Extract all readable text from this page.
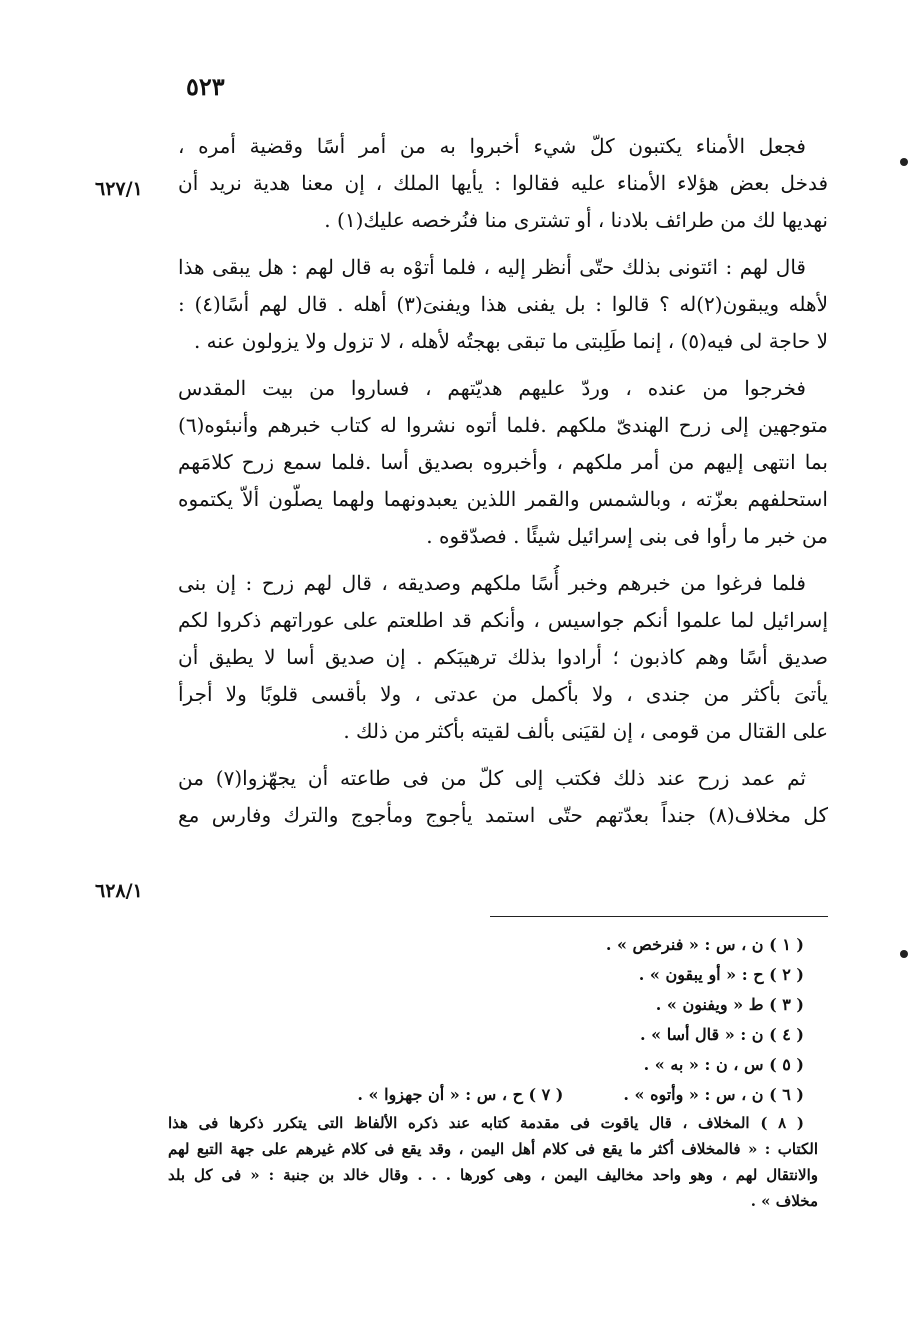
٥٢٣
٦٢٧/١
٦٢٨/١
فجعل الأمناء يكتبون كلّ شيء أخبروا به من أمر أسًا وقضية أمره ،
فدخل بعض هؤلاء الأمناء عليه فقالوا : يأيها الملك ، إن معنا هدية نريد أن
نهديها لك من طرائف بلادنا ، أو تشترى منا فنُرخصه عليك(١) .
قال لهم : ائتونى بذلك حتّى أنظر إليه ، فلما أتوْه به قال لهم : هل يبقى هذا
لأهله ويبقون(٢)له ؟ قالوا : بل يفنى هذا ويفنىَ(٣) أهله . قال لهم أسًا(٤) :
لا حاجة لى فيه(٥) ، إنما طَلِبتى ما تبقى بهجتُه لأهله ، لا تزول ولا يزولون عنه .
فخرجوا من عنده ، وردّ عليهم هديّتهم ، فساروا من بيت المقدس
متوجهين إلى زرح الهندىّ ملكهم .فلما أتوه نشروا له كتاب خبرهم وأنبئوه(٦)
بما انتهى إليهم من أمر ملكهم ، وأخبروه بصديق أسا .فلما سمع زرح كلامَهم
استحلفهم بعزّته ، وبالشمس والقمر اللذين يعبدونهما ولهما يصلّون ألاّ يكتموه
من خبر ما رأوا فى بنى إسرائيل شيئًا . فصدّقوه .
فلما فرغوا من خبرهم وخبر أُسًا ملكهم وصديقه ، قال لهم زرح : إن بنى
إسرائيل لما علموا أنكم جواسيس ، وأنكم قد اطلعتم على عوراتهم ذكروا لكم
صديق أسًا وهم كاذبون ؛ أرادوا بذلك ترهيبَكم . إن صديق أسا لا يطيق أن
يأتىَ بأكثر من جندى ، ولا بأكمل من عدتى ، ولا بأقسى قلوبًا ولا أجرأ
على القتال من قومى ، إن لقيَنى بألف لقيته بأكثر من ذلك .
ثم عمد زرح عند ذلك فكتب إلى كلّ من فى طاعته أن يجهّزوا(٧) من
كل مخلاف(٨) جنداً بعدّتهم حتّى استمد يأجوج ومأجوج والترك وفارس مع
( ١ ) ن ، س : « فنرخص » .
( ٢ ) ح : « أو يبقون » .
( ٣ ) ط « ويفنون » .
( ٤ ) ن : « قال أسا » .
( ٥ ) س ، ن : « به » .
( ٦ ) ن ، س : « وأتوه » .( ٧ ) ح ، س : « أن جهزوا » .
( ٨ ) المخلاف ، قال ياقوت فى مقدمة كتابه عند ذكره الألفاظ التى يتكرر ذكرها فى هذا
الكتاب : « فالمخلاف أكثر ما يقع فى كلام أهل اليمن ، وقد يقع فى كلام غيرهم على جهة التبع لهم
والانتقال لهم ، وهو واحد مخاليف اليمن ، وهى كورها . . . وقال خالد بن جنبة : « فى كل بلد
مخلاف » .
